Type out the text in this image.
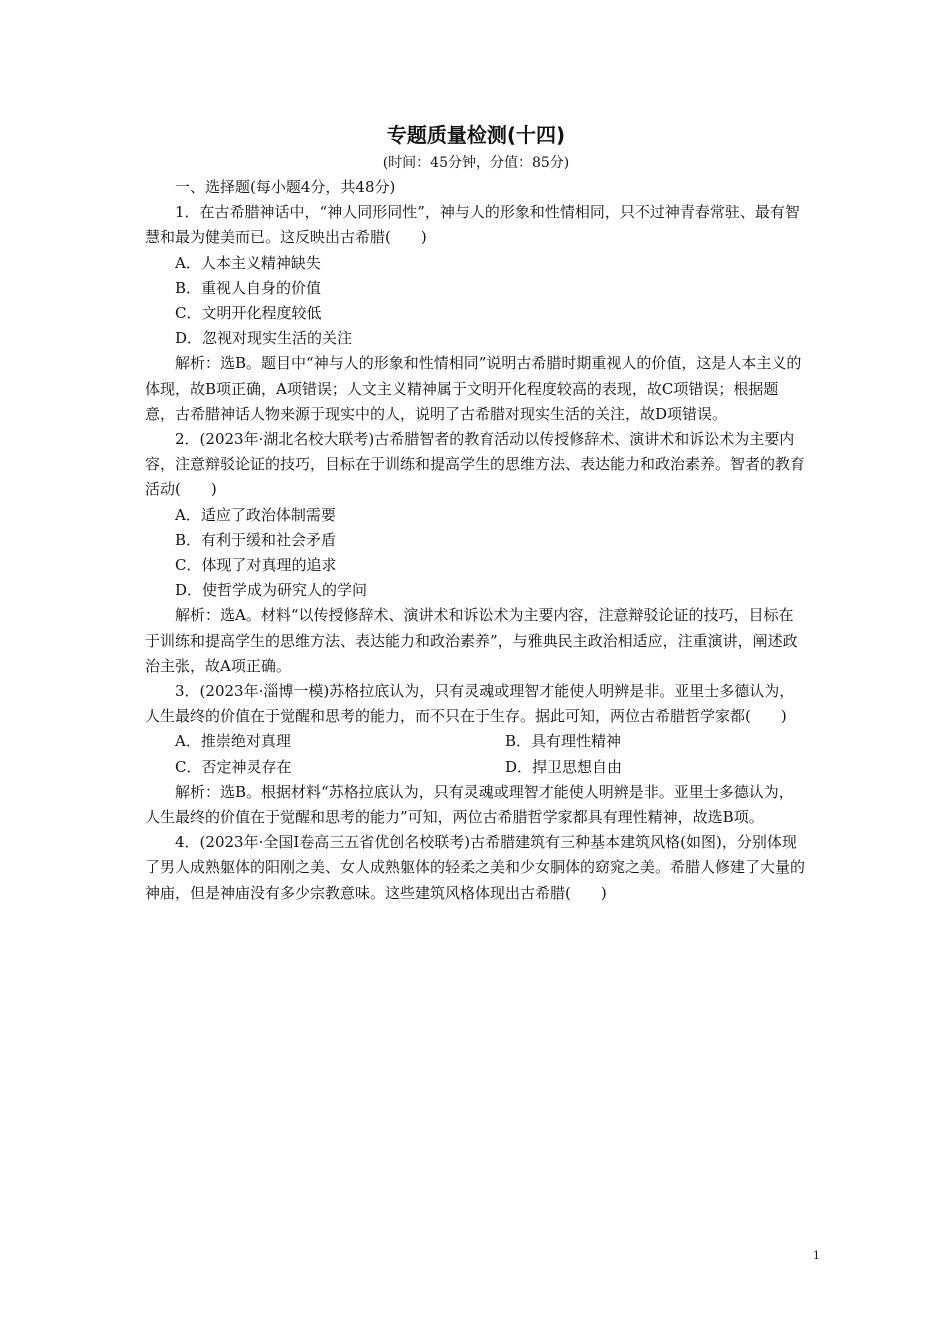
专题质量检测(十四)
(时间：45分钟，分值：85分)

一、选择题(每小题4分，共48分)

1．在古希腊神话中，“神人同形同性”，神与人的形象和性情相同，只不过神青春常驻、最有智慧和最为健美而已。这反映出古希腊(　　)

A．人本主义精神缺失

B．重视人自身的价值

C．文明开化程度较低

D．忽视对现实生活的关注

解析：选B。题目中“神与人的形象和性情相同”说明古希腊时期重视人的价值，这是人本主义的体现，故B项正确，A项错误；人文主义精神属于文明开化程度较高的表现，故C项错误；根据题意，古希腊神话人物来源于现实中的人，说明了古希腊对现实生活的关注，故D项错误。

2．(2023年·湖北名校大联考)古希腊智者的教育活动以传授修辞术、演讲术和诉讼术为主要内容，注意辩驳论证的技巧，目标在于训练和提高学生的思维方法、表达能力和政治素养。智者的教育活动(　　)

A．适应了政治体制需要

B．有利于缓和社会矛盾

C．体现了对真理的追求

D．使哲学成为研究人的学问

解析：选A。材料“以传授修辞术、演讲术和诉讼术为主要内容，注意辩驳论证的技巧，目标在于训练和提高学生的思维方法、表达能力和政治素养”，与雅典民主政治相适应，注重演讲，阐述政治主张，故A项正确。

3．(2023年·淄博一模)苏格拉底认为，只有灵魂或理智才能使人明辨是非。亚里士多德认为，人生最终的价值在于觉醒和思考的能力，而不只在于生存。据此可知，两位古希腊哲学家都(　　)

A．推崇绝对真理	B．具有理性精神
C．否定神灵存在	D．捍卫思想自由

解析：选B。根据材料“苏格拉底认为，只有灵魂或理智才能使人明辨是非。亚里士多德认为，人生最终的价值在于觉醒和思考的能力”可知，两位古希腊哲学家都具有理性精神，故选B项。

4．(2023年·全国Ⅰ卷高三五省优创名校联考)古希腊建筑有三种基本建筑风格(如图)，分别体现了男人成熟躯体的阳刚之美、女人成熟躯体的轻柔之美和少女胴体的窈窕之美。希腊人修建了大量的神庙，但是神庙没有多少宗教意味。这些建筑风格体现出古希腊(　　)

1
